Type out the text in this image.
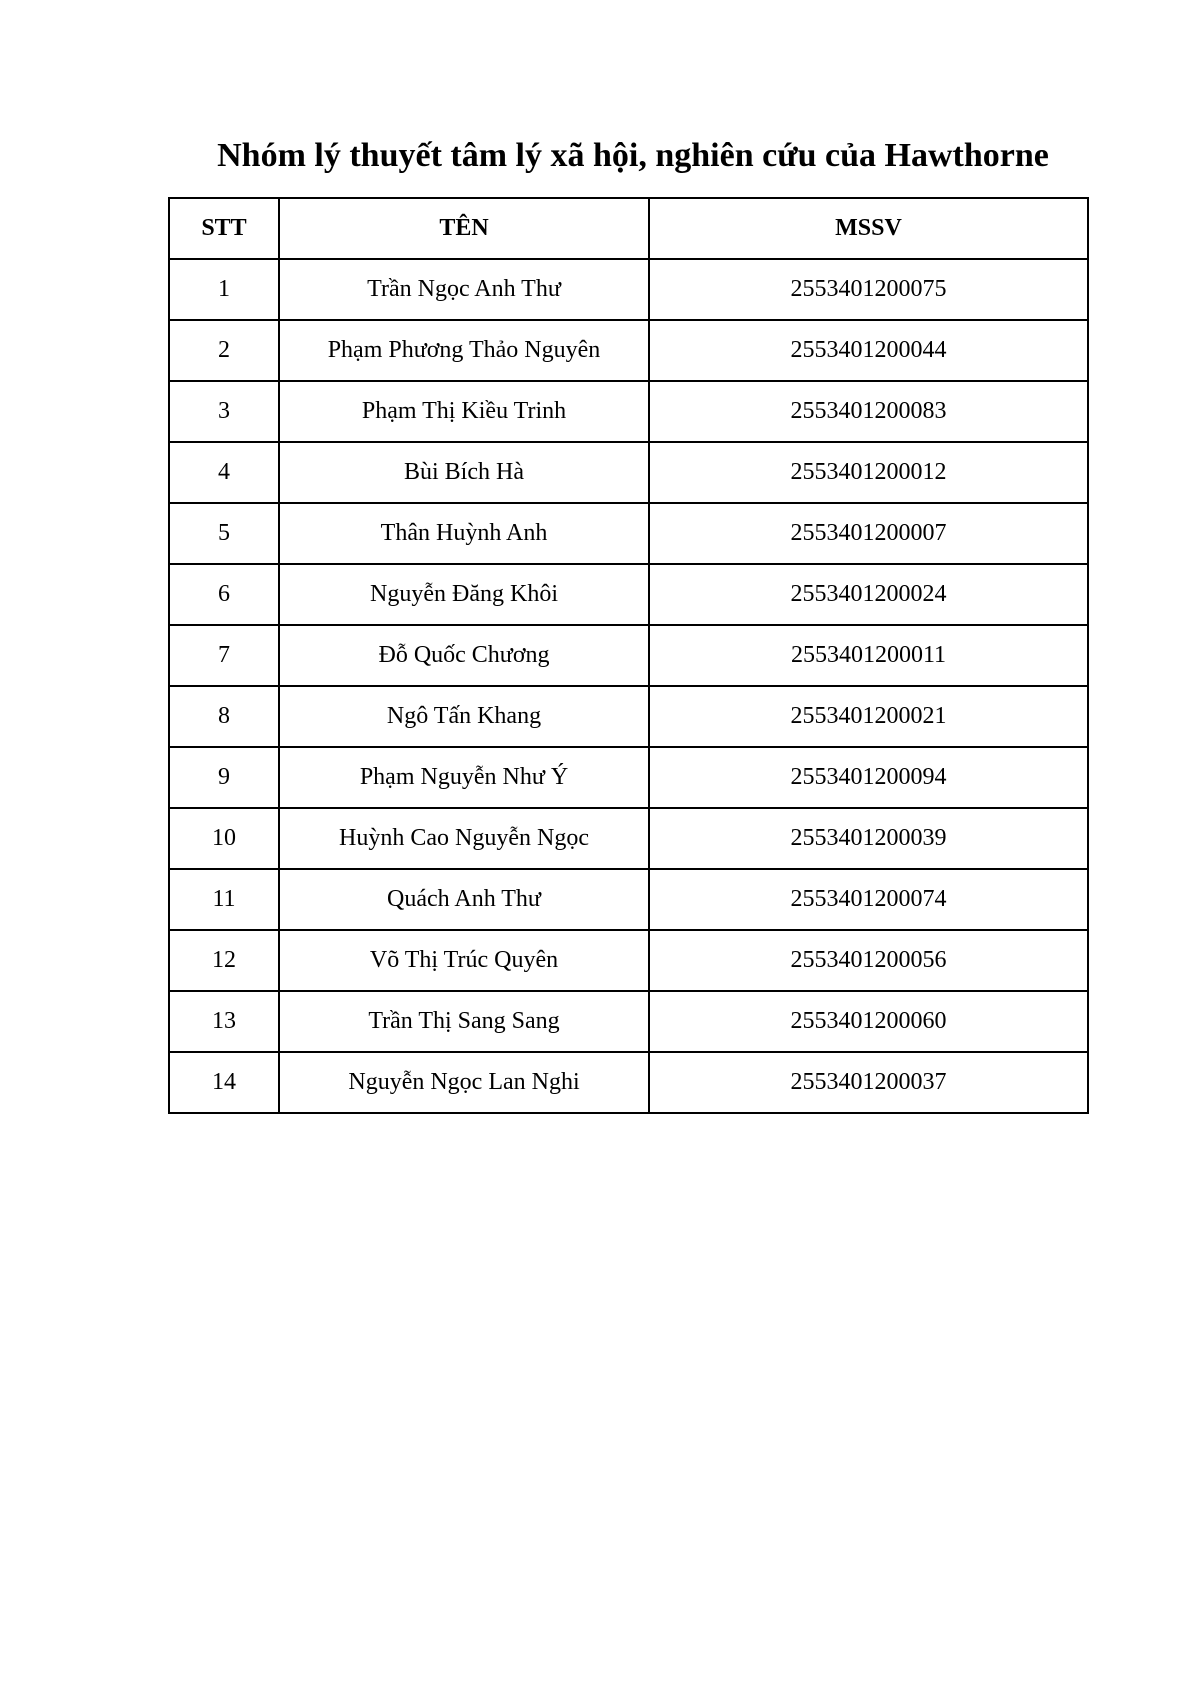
Nhóm lý thuyết tâm lý xã hội, nghiên cứu của Hawthorne
STT	TÊN	MSSV
1	Trần Ngọc Anh Thư	2553401200075
2	Phạm Phương Thảo Nguyên	2553401200044
3	Phạm Thị Kiều Trinh	2553401200083
4	Bùi Bích Hà	2553401200012
5	Thân Huỳnh Anh	2553401200007
6	Nguyễn Đăng Khôi	2553401200024
7	Đỗ Quốc Chương	2553401200011
8	Ngô Tấn Khang	2553401200021
9	Phạm Nguyễn Như Ý	2553401200094
10	Huỳnh Cao Nguyễn Ngọc	2553401200039
11	Quách Anh Thư	2553401200074
12	Võ Thị Trúc Quyên	2553401200056
13	Trần Thị Sang Sang	2553401200060
14	Nguyễn Ngọc Lan Nghi	2553401200037
